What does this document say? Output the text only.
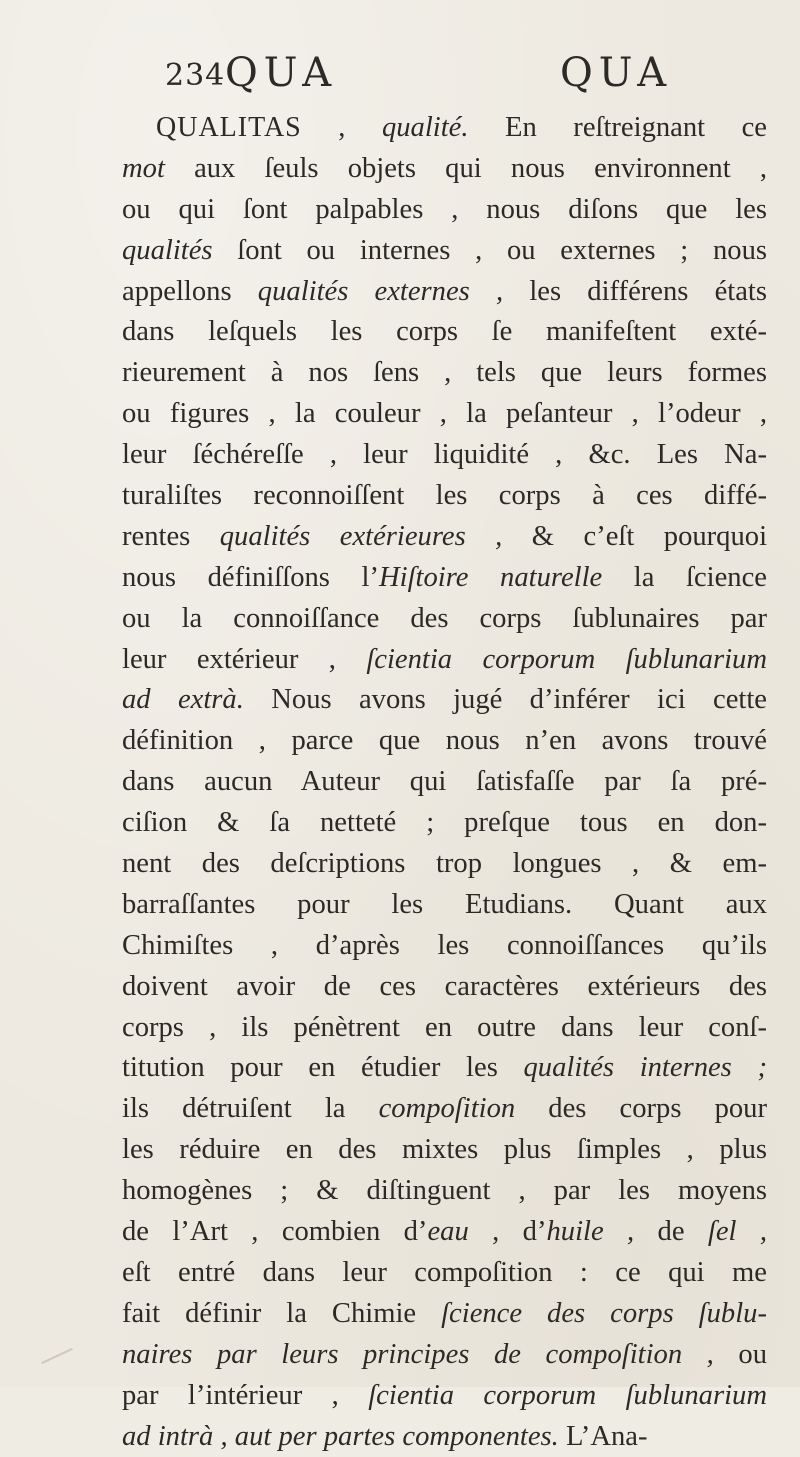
234 QUA	QUA
QUALITAS , qualité. En reſtreignant ce
mot aux ſeuls objets qui nous environnent ,
ou qui ſont palpables , nous diſons que les
qualités ſont ou internes , ou externes ; nous
appellons qualités externes , les différens états
dans leſquels les corps ſe manifeſtent exté-
rieurement à nos ſens , tels que leurs formes
ou figures , la couleur , la peſanteur , l’odeur ,
leur ſéchéreſſe , leur liquidité , &c. Les Na-
turaliſtes reconnoiſſent les corps à ces diffé-
rentes qualités extérieures , & c’eſt pourquoi
nous définiſſons l’Hiſtoire naturelle la ſcience
ou la connoiſſance des corps ſublunaires par
leur extérieur , ſcientia corporum ſublunarium
ad extrà. Nous avons jugé d’inférer ici cette
définition , parce que nous n’en avons trouvé
dans aucun Auteur qui ſatisfaſſe par ſa pré-
ciſion & ſa netteté ; preſque tous en don-
nent des deſcriptions trop longues , & em-
barraſſantes pour les Etudians. Quant aux
Chimiſtes , d’après les connoiſſances qu’ils
doivent avoir de ces caractères extérieurs des
corps , ils pénètrent en outre dans leur conſ-
titution pour en étudier les qualités internes ;
ils détruiſent la compoſition des corps pour
les réduire en des mixtes plus ſimples , plus
homogènes ; & diſtinguent , par les moyens
de l’Art , combien d’eau , d’huile , de ſel ,
eſt entré dans leur compoſition : ce qui me
fait définir la Chimie ſcience des corps ſublu-
naires par leurs principes de compoſition , ou
par l’intérieur , ſcientia corporum ſublunarium
ad intrà , aut per partes componentes. L’Ana-
